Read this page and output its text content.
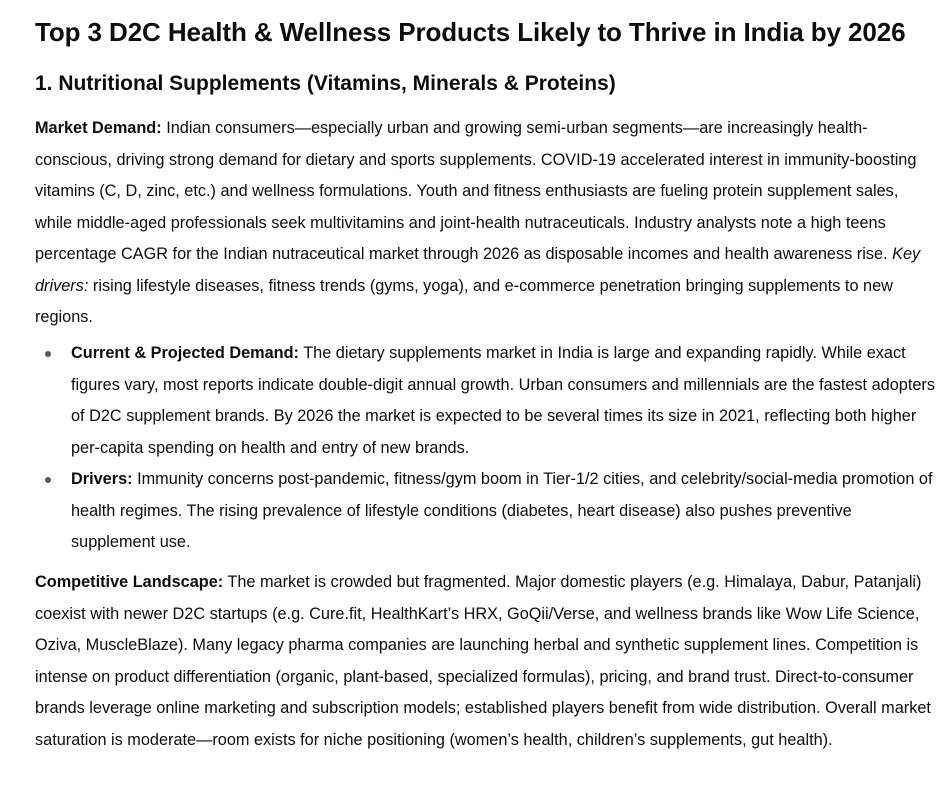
Top 3 D2C Health & Wellness Products Likely to Thrive in India by 2026
1. Nutritional Supplements (Vitamins, Minerals & Proteins)

Market Demand: Indian consumers—especially urban and growing semi-urban segments—are increasingly health-conscious, driving strong demand for dietary and sports supplements. COVID-19 accelerated interest in immunity-boosting vitamins (C, D, zinc, etc.) and wellness formulations. Youth and fitness enthusiasts are fueling protein supplement sales, while middle-aged professionals seek multivitamins and joint-health nutraceuticals. Industry analysts note a high teens percentage CAGR for the Indian nutraceutical market through 2026 as disposable incomes and health awareness rise. Key drivers: rising lifestyle diseases, fitness trends (gyms, yoga), and e-commerce penetration bringing supplements to new regions.

Current & Projected Demand: The dietary supplements market in India is large and expanding rapidly. While exact figures vary, most reports indicate double-digit annual growth. Urban consumers and millennials are the fastest adopters of D2C supplement brands. By 2026 the market is expected to be several times its size in 2021, reflecting both higher per-capita spending on health and entry of new brands.
Drivers: Immunity concerns post-pandemic, fitness/gym boom in Tier-1/2 cities, and celebrity/social-media promotion of health regimes. The rising prevalence of lifestyle conditions (diabetes, heart disease) also pushes preventive supplement use.

Competitive Landscape: The market is crowded but fragmented. Major domestic players (e.g. Himalaya, Dabur, Patanjali) coexist with newer D2C startups (e.g. Cure.fit, HealthKart’s HRX, GoQii/Verse, and wellness brands like Wow Life Science, Oziva, MuscleBlaze). Many legacy pharma companies are launching herbal and synthetic supplement lines. Competition is intense on product differentiation (organic, plant-based, specialized formulas), pricing, and brand trust. Direct-to-consumer brands leverage online marketing and subscription models; established players benefit from wide distribution. Overall market saturation is moderate—room exists for niche positioning (women’s health, children’s supplements, gut health).
